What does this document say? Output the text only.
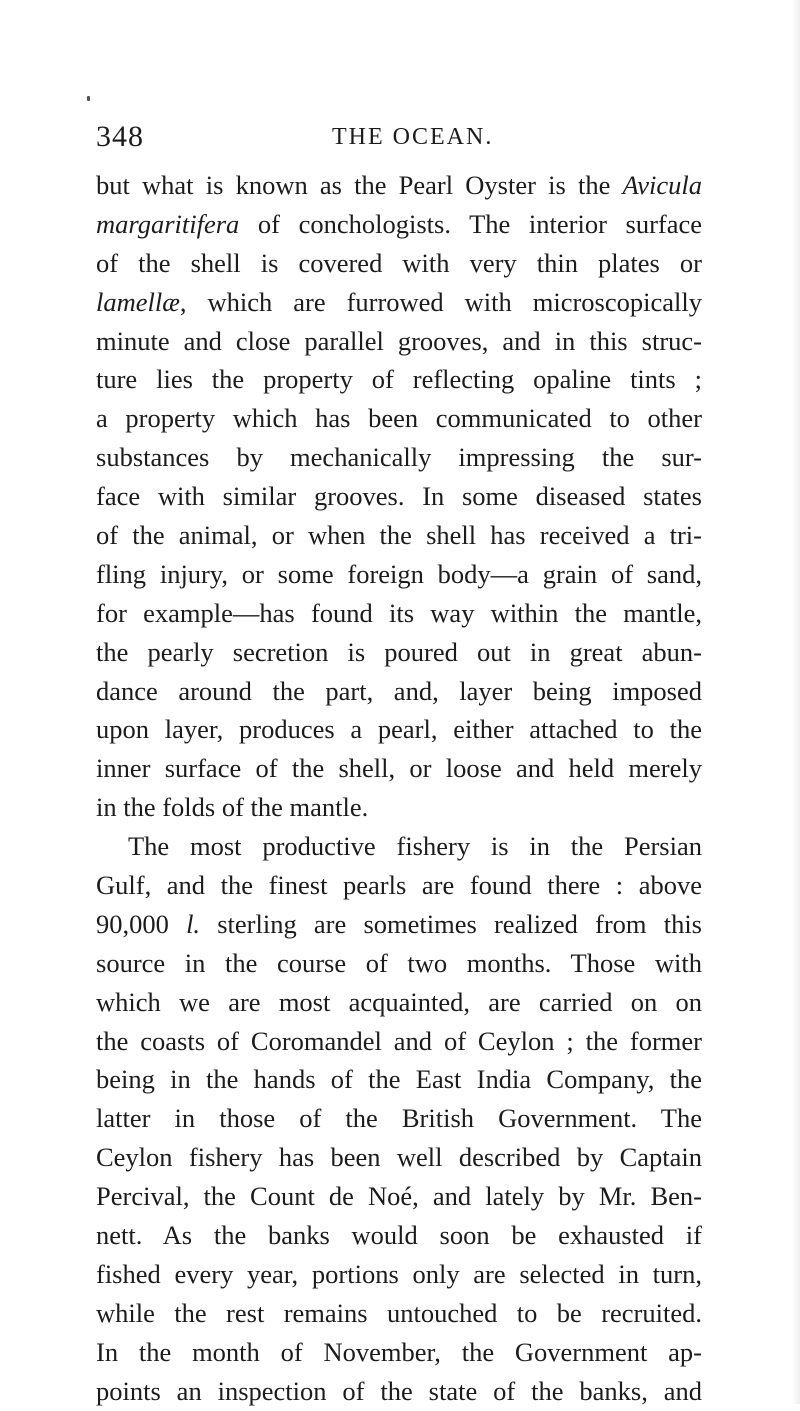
348	THE OCEAN.
but what is known as the Pearl Oyster is the Avicula
margaritifera of conchologists. The interior surface
of the shell is covered with very thin plates or
lamellæ, which are furrowed with microscopically
minute and close parallel grooves, and in this struc-
ture lies the property of reflecting opaline tints ;
a property which has been communicated to other
substances by mechanically impressing the sur-
face with similar grooves. In some diseased states
of the animal, or when the shell has received a tri-
fling injury, or some foreign body—a grain of sand,
for example—has found its way within the mantle,
the pearly secretion is poured out in great abun-
dance around the part, and, layer being imposed
upon layer, produces a pearl, either attached to the
inner surface of the shell, or loose and held merely
in the folds of the mantle.
The most productive fishery is in the Persian
Gulf, and the finest pearls are found there : above
90,000 l. sterling are sometimes realized from this
source in the course of two months. Those with
which we are most acquainted, are carried on on
the coasts of Coromandel and of Ceylon ; the former
being in the hands of the East India Company, the
latter in those of the British Government. The
Ceylon fishery has been well described by Captain
Percival, the Count de Noé, and lately by Mr. Ben-
nett. As the banks would soon be exhausted if
fished every year, portions only are selected in turn,
while the rest remains untouched to be recruited.
In the month of November, the Government ap-
points an inspection of the state of the banks, and
